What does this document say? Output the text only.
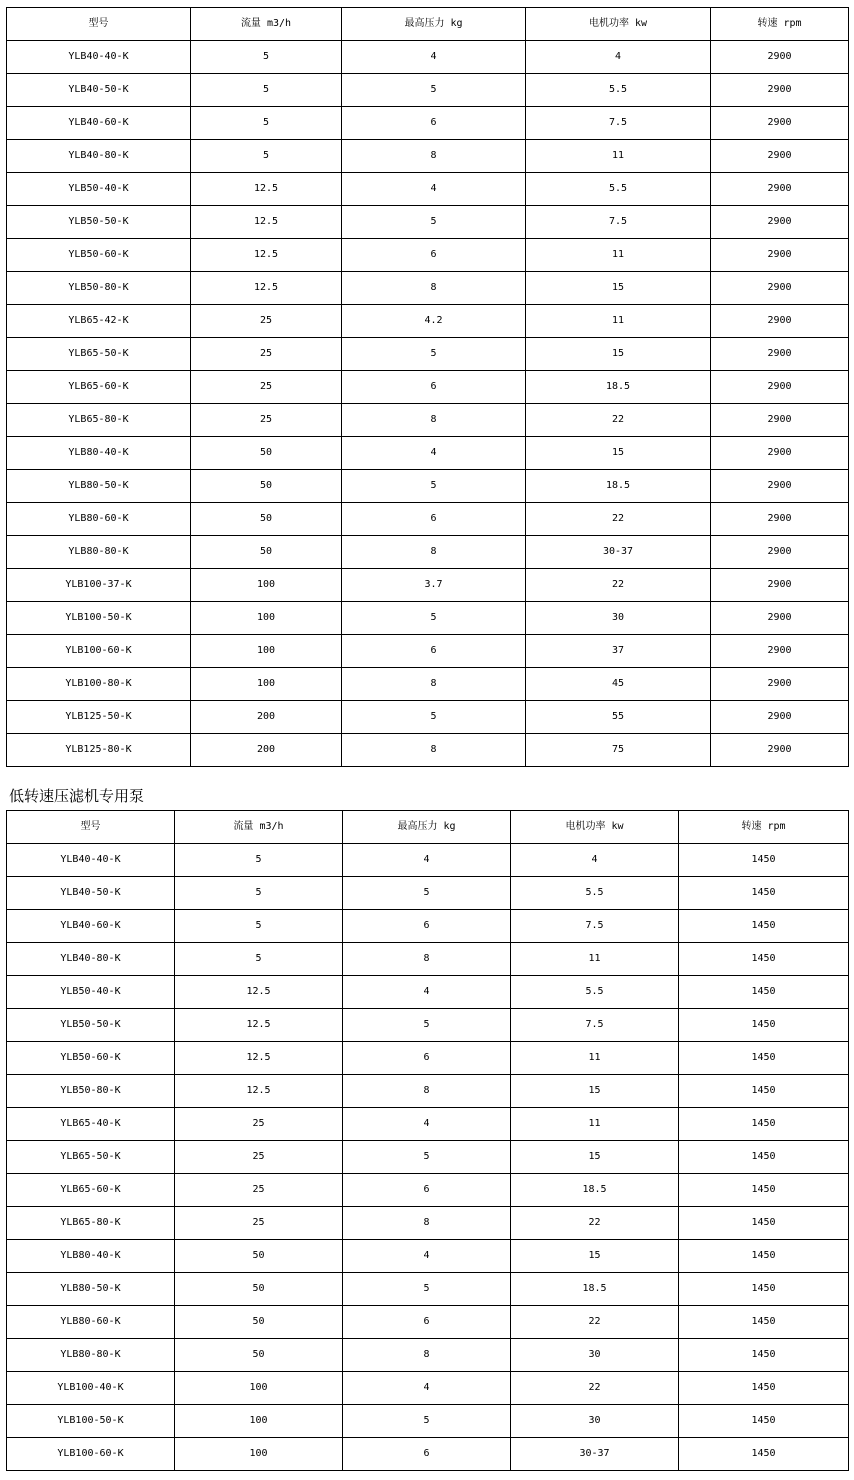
型号	流量 m3/h	最高压力 kg	电机功率 kw	转速 rpm
YLB40-40-K	5	4	4	2900
YLB40-50-K	5	5	5.5	2900
YLB40-60-K	5	6	7.5	2900
YLB40-80-K	5	8	11	2900
YLB50-40-K	12.5	4	5.5	2900
YLB50-50-K	12.5	5	7.5	2900
YLB50-60-K	12.5	6	11	2900
YLB50-80-K	12.5	8	15	2900
YLB65-42-K	25	4.2	11	2900
YLB65-50-K	25	5	15	2900
YLB65-60-K	25	6	18.5	2900
YLB65-80-K	25	8	22	2900
YLB80-40-K	50	4	15	2900
YLB80-50-K	50	5	18.5	2900
YLB80-60-K	50	6	22	2900
YLB80-80-K	50	8	30-37	2900
YLB100-37-K	100	3.7	22	2900
YLB100-50-K	100	5	30	2900
YLB100-60-K	100	6	37	2900
YLB100-80-K	100	8	45	2900
YLB125-50-K	200	5	55	2900
YLB125-80-K	200	8	75	2900
低转速压滤机专用泵
型号	流量 m3/h	最高压力 kg	电机功率 kw	转速 rpm
YLB40-40-K	5	4	4	1450
YLB40-50-K	5	5	5.5	1450
YLB40-60-K	5	6	7.5	1450
YLB40-80-K	5	8	11	1450
YLB50-40-K	12.5	4	5.5	1450
YLB50-50-K	12.5	5	7.5	1450
YLB50-60-K	12.5	6	11	1450
YLB50-80-K	12.5	8	15	1450
YLB65-40-K	25	4	11	1450
YLB65-50-K	25	5	15	1450
YLB65-60-K	25	6	18.5	1450
YLB65-80-K	25	8	22	1450
YLB80-40-K	50	4	15	1450
YLB80-50-K	50	5	18.5	1450
YLB80-60-K	50	6	22	1450
YLB80-80-K	50	8	30	1450
YLB100-40-K	100	4	22	1450
YLB100-50-K	100	5	30	1450
YLB100-60-K	100	6	30-37	1450
